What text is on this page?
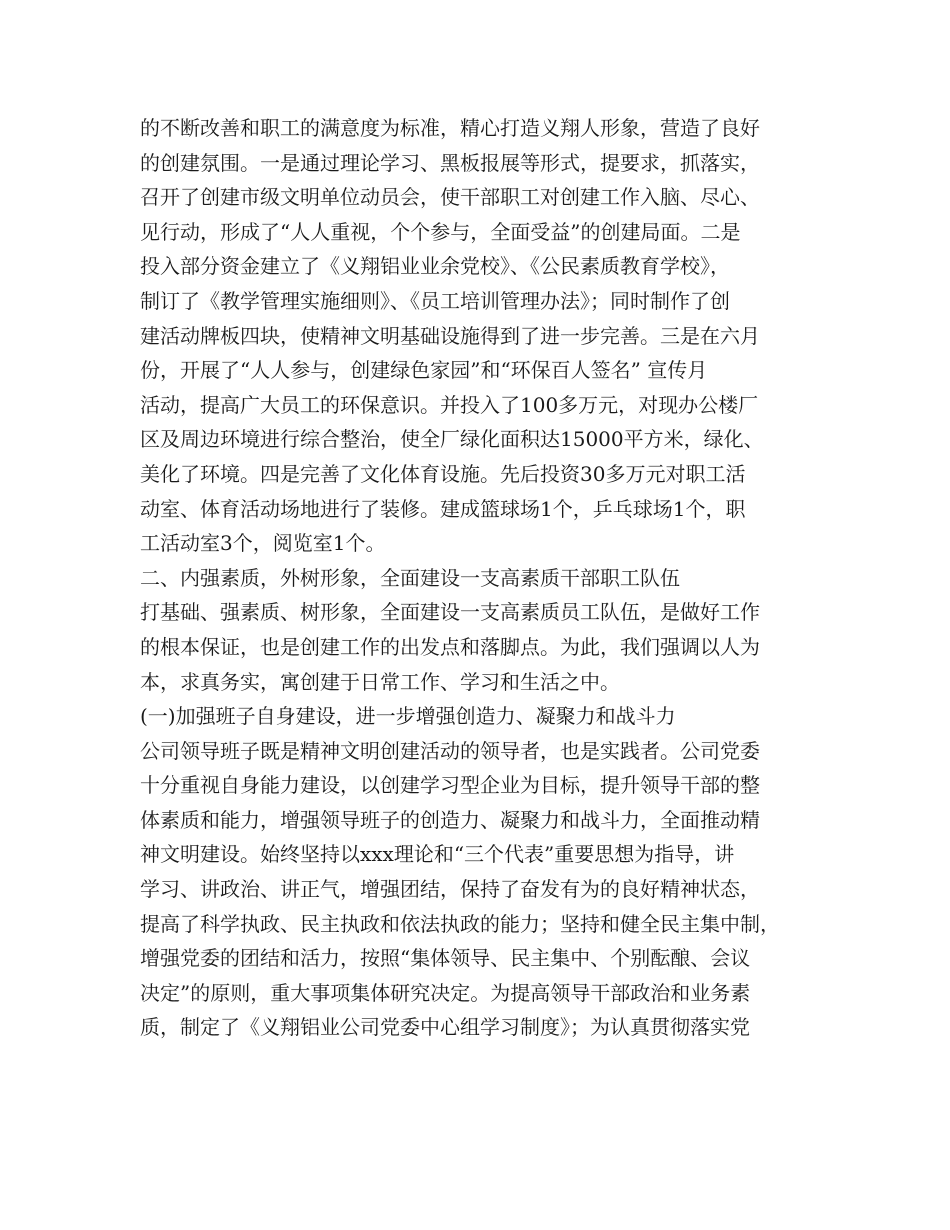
的不断改善和职工的满意度为标准，精心打造义翔人形象，营造了良好
的创建氛围。一是通过理论学习、黑板报展等形式，提要求，抓落实，
召开了创建市级文明单位动员会，使干部职工对创建工作入脑、尽心、
见行动，形成了“人人重视，个个参与，全面受益”的创建局面。二是
投入部分资金建立了《义翔铝业业余党校》、《公民素质教育学校》，
制订了《教学管理实施细则》、《员工培训管理办法》；同时制作了创
建活动牌板四块，使精神文明基础设施得到了进一步完善。三是在六月
份，开展了“人人参与，创建绿色家园”和“环保百人签名” 宣传月
活动，提高广大员工的环保意识。并投入了100多万元，对现办公楼厂
区及周边环境进行综合整治，使全厂绿化面积达15000平方米，绿化、
美化了环境。四是完善了文化体育设施。先后投资30多万元对职工活
动室、体育活动场地进行了装修。建成篮球场1个，乒乓球场1个，职
工活动室3个，阅览室1个。
二、内强素质，外树形象，全面建设一支高素质干部职工队伍
打基础、强素质、树形象，全面建设一支高素质员工队伍，是做好工作
的根本保证，也是创建工作的出发点和落脚点。为此，我们强调以人为
本，求真务实，寓创建于日常工作、学习和生活之中。
(一)加强班子自身建设，进一步增强创造力、凝聚力和战斗力
公司领导班子既是精神文明创建活动的领导者，也是实践者。公司党委
十分重视自身能力建设，以创建学习型企业为目标，提升领导干部的整
体素质和能力，增强领导班子的创造力、凝聚力和战斗力，全面推动精
神文明建设。始终坚持以xxx理论和“三个代表”重要思想为指导，讲
学习、讲政治、讲正气，增强团结，保持了奋发有为的良好精神状态，
提高了科学执政、民主执政和依法执政的能力；坚持和健全民主集中制，
增强党委的团结和活力，按照“集体领导、民主集中、个别酝酿、会议
决定”的原则，重大事项集体研究决定。为提高领导干部政治和业务素
质，制定了《义翔铝业公司党委中心组学习制度》；为认真贯彻落实党
